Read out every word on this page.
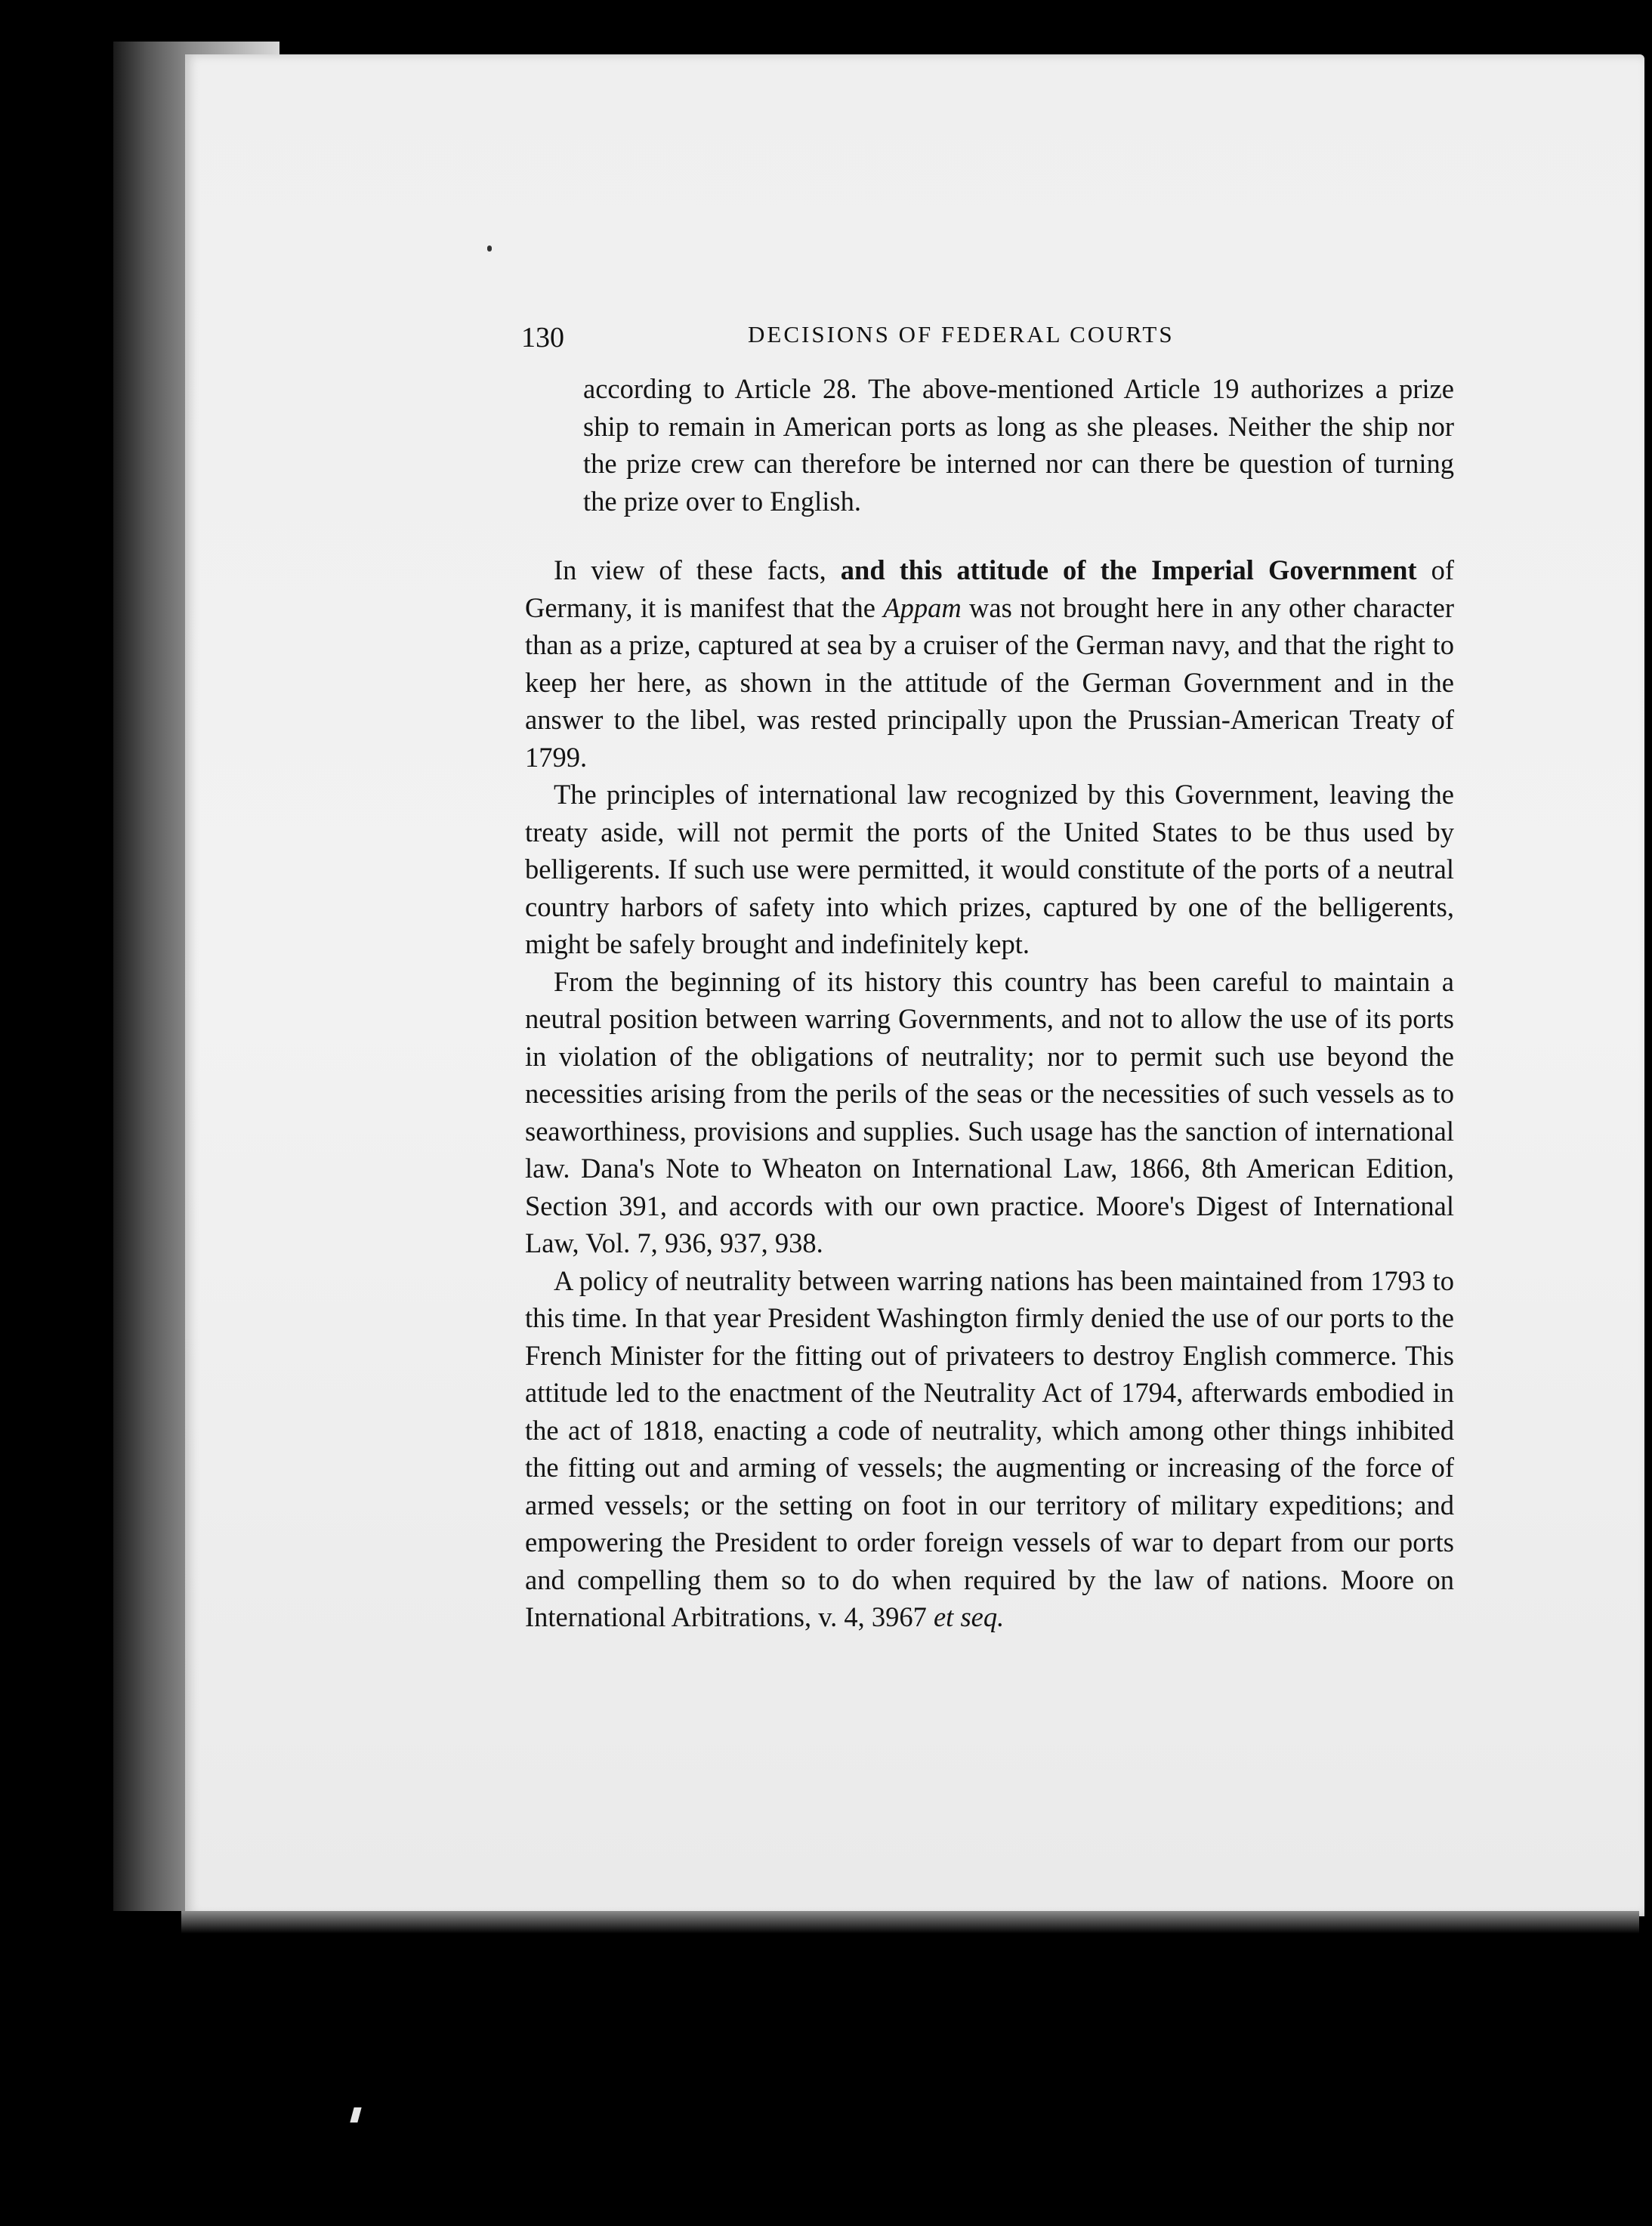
130	DECISIONS OF FEDERAL COURTS

according to Article 28. The above-mentioned Article 19 authorizes a prize ship to remain in American ports as long as she pleases. Neither the ship nor the prize crew can therefore be interned nor can there be question of turning the prize over to English.

In view of these facts, and this attitude of the Imperial Government of Germany, it is manifest that the Appam was not brought here in any other character than as a prize, captured at sea by a cruiser of the German navy, and that the right to keep her here, as shown in the attitude of the German Government and in the answer to the libel, was rested principally upon the Prussian-American Treaty of 1799.

The principles of international law recognized by this Government, leaving the treaty aside, will not permit the ports of the United States to be thus used by belligerents. If such use were permitted, it would constitute of the ports of a neutral country harbors of safety into which prizes, captured by one of the belligerents, might be safely brought and indefinitely kept.

From the beginning of its history this country has been careful to maintain a neutral position between warring Governments, and not to allow the use of its ports in violation of the obligations of neutrality; nor to permit such use beyond the necessities arising from the perils of the seas or the necessities of such vessels as to seaworthiness, provisions and supplies. Such usage has the sanction of international law. Dana's Note to Wheaton on International Law, 1866, 8th American Edition, Section 391, and accords with our own practice. Moore's Digest of International Law, Vol. 7, 936, 937, 938.

A policy of neutrality between warring nations has been maintained from 1793 to this time. In that year President Washington firmly denied the use of our ports to the French Minister for the fitting out of privateers to destroy English commerce. This attitude led to the enactment of the Neutrality Act of 1794, afterwards embodied in the act of 1818, enacting a code of neutrality, which among other things inhibited the fitting out and arming of vessels; the augmenting or increasing of the force of armed vessels; or the setting on foot in our territory of military expeditions; and empowering the President to order foreign vessels of war to depart from our ports and compelling them so to do when required by the law of nations. Moore on International Arbitrations, v. 4, 3967 et seq.
